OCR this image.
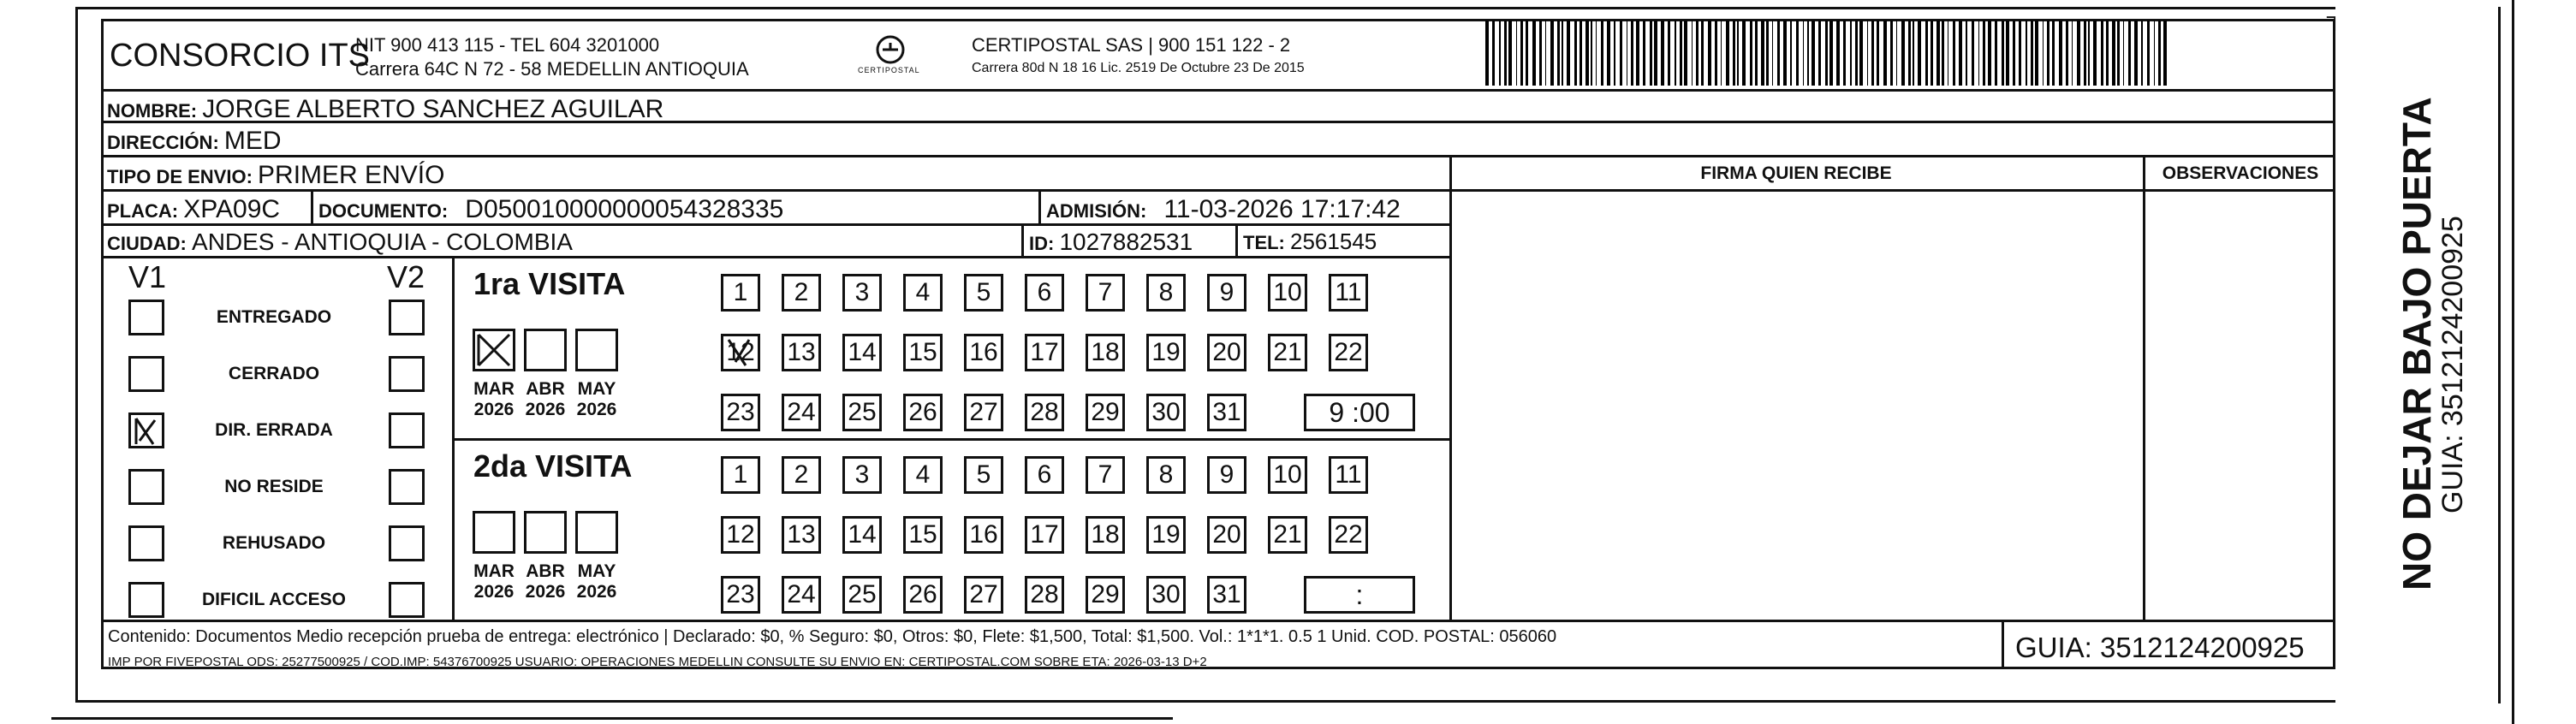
CONSORCIO ITS
NIT 900 413 115 - TEL 604 3201000
Carrera 64C N 72 - 58 MEDELLIN ANTIOQUIA	CERTIPOSTAL
CERTIPOSTAL SAS | 900 151 122 - 2
Carrera 80d N 18 16 Lic. 2519 De Octubre 23 De 2015
NOMBRE: JORGE ALBERTO SANCHEZ AGUILAR
DIRECCIÓN: MED
TIPO DE ENVIO: PRIMER ENVÍO
PLACA: XPA09C DOCUMENTO: D050010000000054328335	ADMISIÓN: 11-03-2026 17:17:42
CIUDAD: ANDES - ANTIOQUIA - COLOMBIA	ID: 1027882531	TEL: 2561545
FIRMA QUIEN RECIBE	OBSERVACIONES
V1	V2
ENTREGADO
CERRADO
DIR. ERRADA
NO RESIDE
REHUSADO
DIFICIL ACCESO
1ra VISITA
MAR
2026
ABR
2026
MAY
2026
1	2	3	4	5	6	7	8	9	10 11
12 13 14 15 16 17 18 19 20 21 22
23 24 25 26 27 28 29 30 31	9 :00
2da VISITA
MAR
2026
ABR
2026
MAY
2026
1	2	3	4	5	6	7	8	9	10 11
12 13 14 15 16 17 18 19 20 21 22
23 24 25 26 27 28 29 30 31	:
Contenido: Documentos Medio recepción prueba de entrega: electrónico | Declarado: $0, % Seguro: $0, Otros: $0, Flete: $1,500, Total: $1,500. Vol.: 1*1*1. 0.5 1 Unid. COD. POSTAL: 056060
IMP POR FIVEPOSTAL ODS: 25277500925 / COD.IMP: 54376700925 USUARIO: OPERACIONES MEDELLIN CONSULTE SU ENVIO EN: CERTIPOSTAL.COM SOBRE ETA: 2026-03-13 D+2	GUIA: 3512124200925
NO DEJAR BAJO PUERTA
GUIA: 3512124200925
┐
